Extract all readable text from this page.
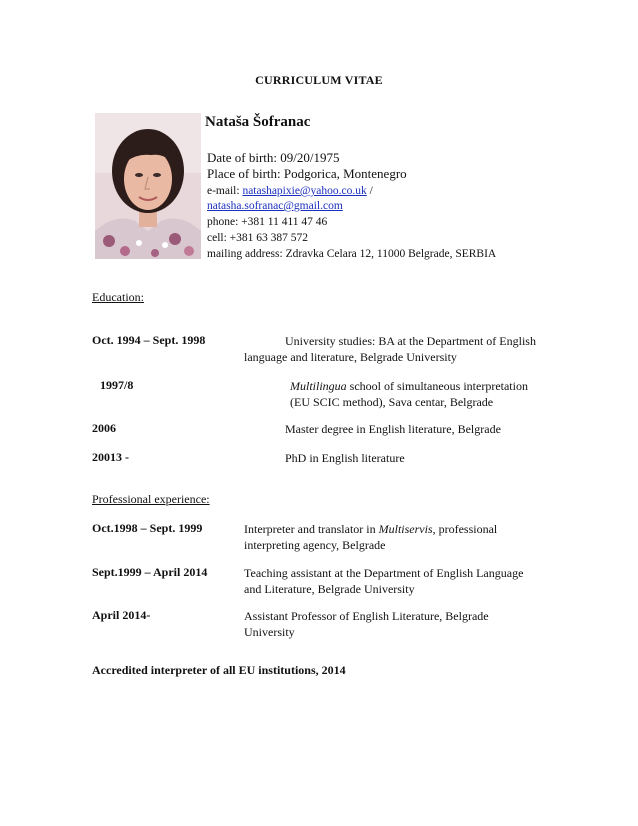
CURRICULUM VITAE
Nataša Šofranac
Date of birth: 09/20/1975
Place of birth: Podgorica, Montenegro
e-mail: natashapixie@yahoo.co.uk /
natasha.sofranac@gmail.com
phone: +381 11 411 47 46
cell: +381 63 387 572
mailing address: Zdravka Celara 12, 11000 Belgrade, SERBIA
Education:
Oct. 1994 – Sept. 1998	University studies: BA at the Department of English
language and literature, Belgrade University
1997/8	Multilingua school of simultaneous interpretation
(EU SCIC method), Sava centar, Belgrade
2006	Master degree in English literature, Belgrade
20013 -	PhD in English literature
Professional experience:
Oct.1998 – Sept. 1999	Interpreter and translator in Multiservis, professional
interpreting agency, Belgrade
Sept.1999 – April 2014	Teaching assistant at the Department of English Language
and Literature, Belgrade University
April 2014-	Assistant Professor of English Literature, Belgrade
University
Accredited interpreter of all EU institutions, 2014
